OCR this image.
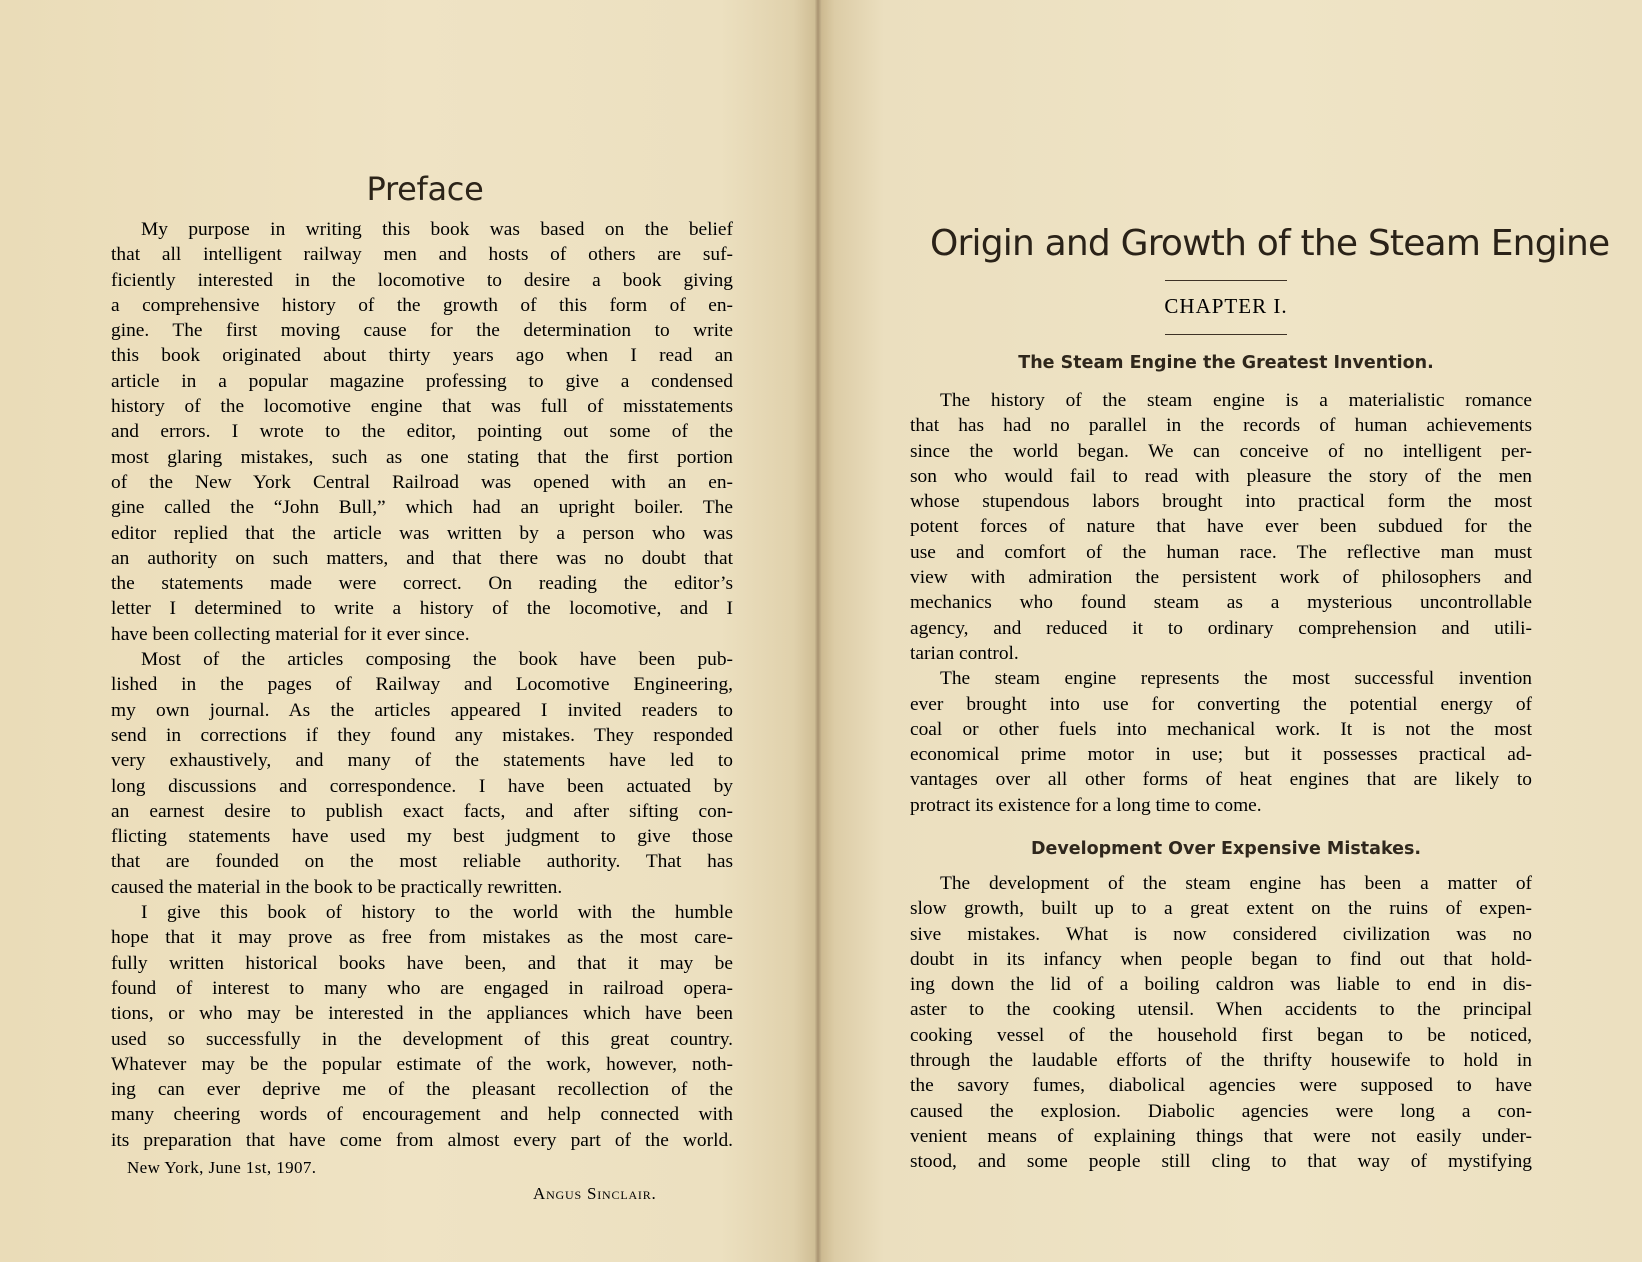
Preface
My purpose in writing this book was based on the belief
that all intelligent railway men and hosts of others are suf-
ficiently interested in the locomotive to desire a book giving
a comprehensive history of the growth of this form of en-
gine. The first moving cause for the determination to write
this book originated about thirty years ago when I read an
article in a popular magazine professing to give a condensed
history of the locomotive engine that was full of misstatements
and errors. I wrote to the editor, pointing out some of the
most glaring mistakes, such as one stating that the first portion
of the New York Central Railroad was opened with an en-
gine called the “John Bull,” which had an upright boiler. The
editor replied that the article was written by a person who was
an authority on such matters, and that there was no doubt that
the statements made were correct. On reading the editor’s
letter I determined to write a history of the locomotive, and I
have been collecting material for it ever since.
Most of the articles composing the book have been pub-
lished in the pages of Railway and Locomotive Engineering,
my own journal. As the articles appeared I invited readers to
send in corrections if they found any mistakes. They responded
very exhaustively, and many of the statements have led to
long discussions and correspondence. I have been actuated by
an earnest desire to publish exact facts, and after sifting con-
flicting statements have used my best judgment to give those
that are founded on the most reliable authority. That has
caused the material in the book to be practically rewritten.
I give this book of history to the world with the humble
hope that it may prove as free from mistakes as the most care-
fully written historical books have been, and that it may be
found of interest to many who are engaged in railroad opera-
tions, or who may be interested in the appliances which have been
used so successfully in the development of this great country.
Whatever may be the popular estimate of the work, however, noth-
ing can ever deprive me of the pleasant recollection of the
many cheering words of encouragement and help connected with
its preparation that have come from almost every part of the world.
New York, June 1st, 1907.
Angus Sinclair.
Origin and Growth of the Steam Engine
CHAPTER I.
The Steam Engine the Greatest Invention.
The history of the steam engine is a materialistic romance
that has had no parallel in the records of human achievements
since the world began. We can conceive of no intelligent per-
son who would fail to read with pleasure the story of the men
whose stupendous labors brought into practical form the most
potent forces of nature that have ever been subdued for the
use and comfort of the human race. The reflective man must
view with admiration the persistent work of philosophers and
mechanics who found steam as a mysterious uncontrollable
agency, and reduced it to ordinary comprehension and utili-
tarian control.
The steam engine represents the most successful invention
ever brought into use for converting the potential energy of
coal or other fuels into mechanical work. It is not the most
economical prime motor in use; but it possesses practical ad-
vantages over all other forms of heat engines that are likely to
protract its existence for a long time to come.
Development Over Expensive Mistakes.
The development of the steam engine has been a matter of
slow growth, built up to a great extent on the ruins of expen-
sive mistakes. What is now considered civilization was no
doubt in its infancy when people began to find out that hold-
ing down the lid of a boiling caldron was liable to end in dis-
aster to the cooking utensil. When accidents to the principal
cooking vessel of the household first began to be noticed,
through the laudable efforts of the thrifty housewife to hold in
the savory fumes, diabolical agencies were supposed to have
caused the explosion. Diabolic agencies were long a con-
venient means of explaining things that were not easily under-
stood, and some people still cling to that way of mystifying
